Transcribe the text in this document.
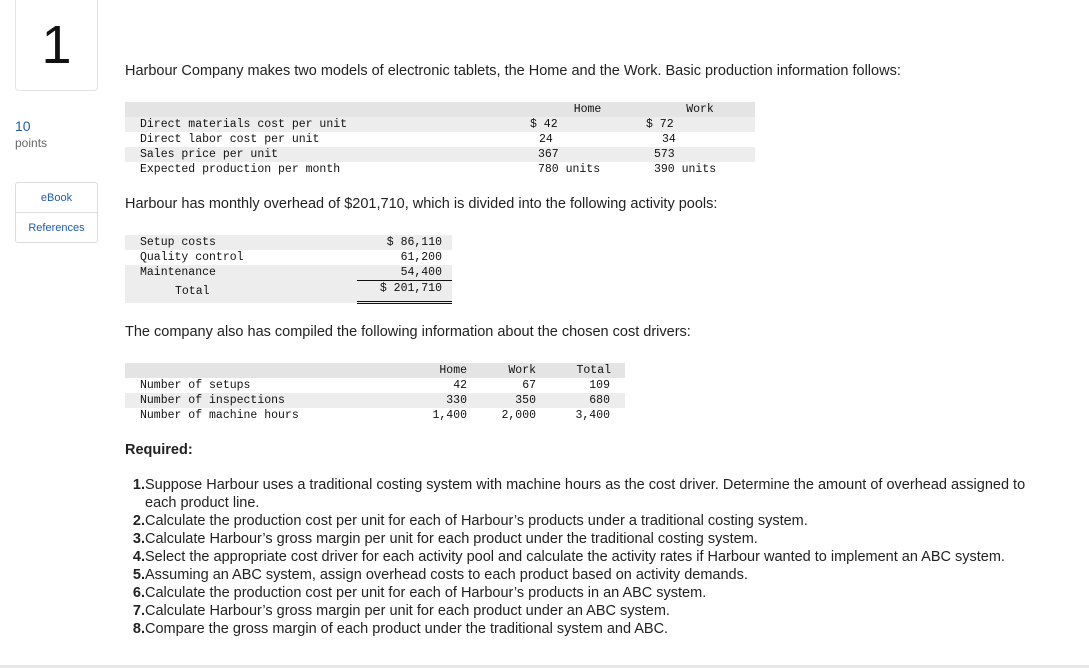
1
10
points
eBook
References
Harbour Company makes two models of electronic tablets, the Home and the Work. Basic production information follows:
	Home	Work
Direct materials cost per unit	$ 42	$ 72
Direct labor cost per unit	24	34
Sales price per unit	367	573
Expected production per month	780 units	390 units
Harbour has monthly overhead of $201,710, which is divided into the following activity pools:
Setup costs	$ 86,110
Quality control	61,200
Maintenance	54,400
Total	$ 201,710
The company also has compiled the following information about the chosen cost drivers:
	Home	Work	Total
Number of setups	42	67	109
Number of inspections	330	350	680
Number of machine hours	1,400	2,000	3,400
Required:
1. Suppose Harbour uses a traditional costing system with machine hours as the cost driver. Determine the amount of overhead assigned to each product line.
2. Calculate the production cost per unit for each of Harbour’s products under a traditional costing system.
3. Calculate Harbour’s gross margin per unit for each product under the traditional costing system.
4. Select the appropriate cost driver for each activity pool and calculate the activity rates if Harbour wanted to implement an ABC system.
5. Assuming an ABC system, assign overhead costs to each product based on activity demands.
6. Calculate the production cost per unit for each of Harbour’s products in an ABC system.
7. Calculate Harbour’s gross margin per unit for each product under an ABC system.
8. Compare the gross margin of each product under the traditional system and ABC.
